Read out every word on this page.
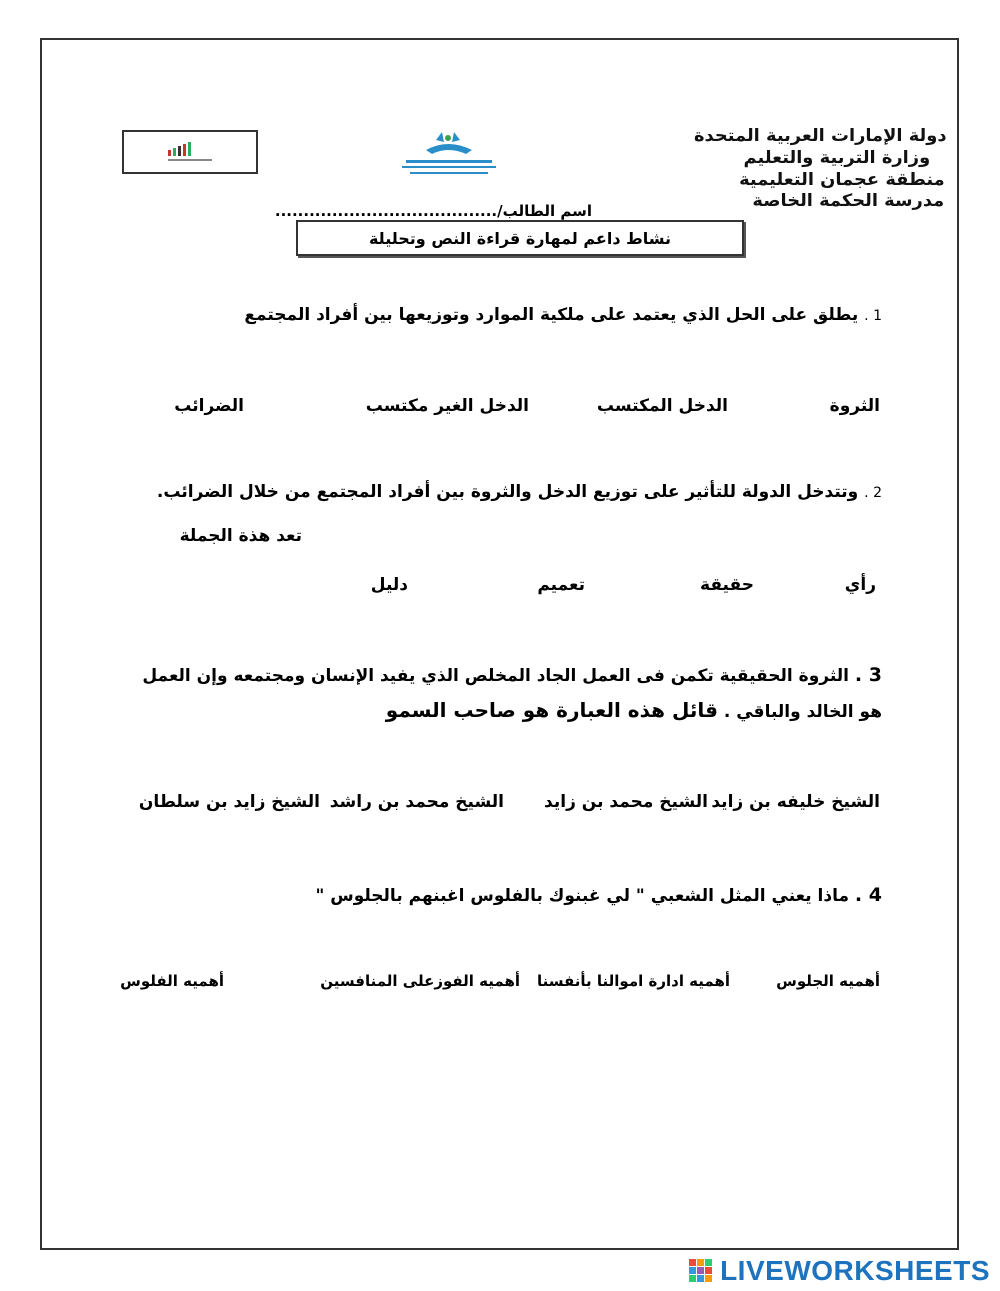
دولة الإمارات العربية المتحدة
وزارة التربية والتعليم
منطقة عجمان التعليمية
مدرسة الحكمة الخاصة
اسم الطالب/.......................................
نشاط داعم لمهارة قراءة النص وتحليلة
1 . يطلق على الحل الذي يعتمد على ملكية الموارد وتوزيعها بين أفراد المجتمع
الثروة
الدخل المكتسب
الدخل الغير مكتسب
الضرائب
2 . وتتدخل الدولة للتأثير على توزيع الدخل والثروة بين أفراد المجتمع من خلال الضرائب.
تعد هذة الجملة
رأي
حقيقة
تعميم
دليل
3 . الثروة الحقيقية تكمن فى العمل الجاد المخلص الذي يفيد الإنسان ومجتمعه وإن العمل
هو الخالد والباقي . قائل هذه العبارة هو صاحب السمو
الشيخ خليفه بن زايد
الشيخ محمد بن زايد
الشيخ محمد بن راشد
الشيخ زايد بن سلطان
4 . ماذا يعني المثل الشعبي " لي غبنوك بالفلوس اغبنهم بالجلوس "
أهميه الجلوس
أهميه ادارة اموالنا بأنفسنا
أهميه الفوزعلى المنافسين
أهميه الفلوس
LIVEWORKSHEETS
